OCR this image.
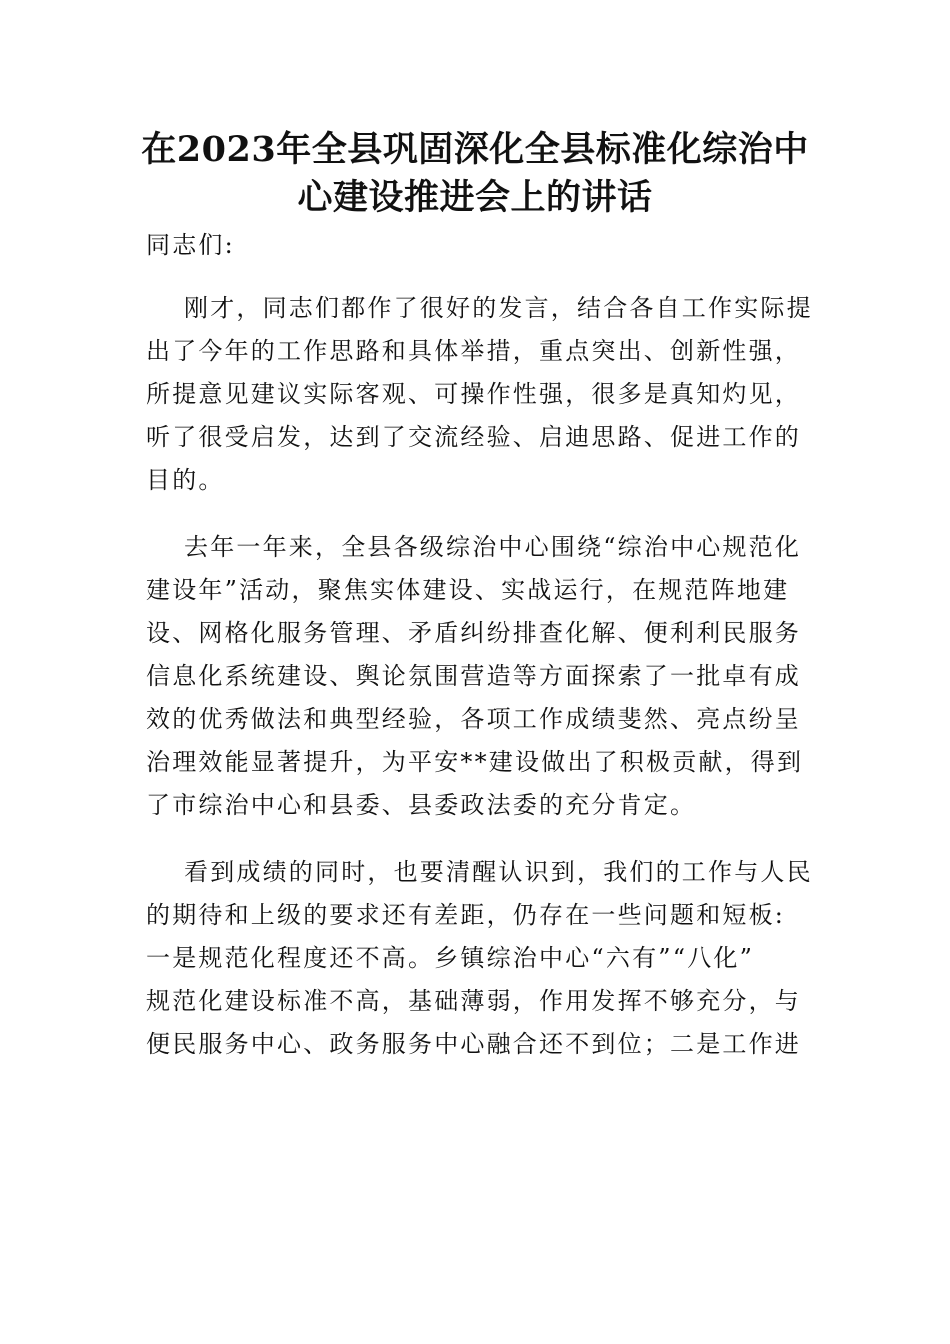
在2023年全县巩固深化全县标准化综治中
心建设推进会上的讲话
同志们:
刚才，同志们都作了很好的发言，结合各自工作实际提
出了今年的工作思路和具体举措，重点突出、创新性强，
所提意见建议实际客观、可操作性强，很多是真知灼见，
听了很受启发，达到了交流经验、启迪思路、促进工作的
目的。
去年一年来，全县各级综治中心围绕“综治中心规范化
建设年”活动，聚焦实体建设、实战运行，在规范阵地建
设、网格化服务管理、矛盾纠纷排查化解、便利利民服务
信息化系统建设、舆论氛围营造等方面探索了一批卓有成
效的优秀做法和典型经验，各项工作成绩斐然、亮点纷呈
治理效能显著提升，为平安**建设做出了积极贡献，得到
了市综治中心和县委、县委政法委的充分肯定。
看到成绩的同时，也要清醒认识到，我们的工作与人民
的期待和上级的要求还有差距，仍存在一些问题和短板:
一是规范化程度还不高。乡镇综治中心“六有”“八化”
规范化建设标准不高，基础薄弱，作用发挥不够充分，与
便民服务中心、政务服务中心融合还不到位；二是工作进
